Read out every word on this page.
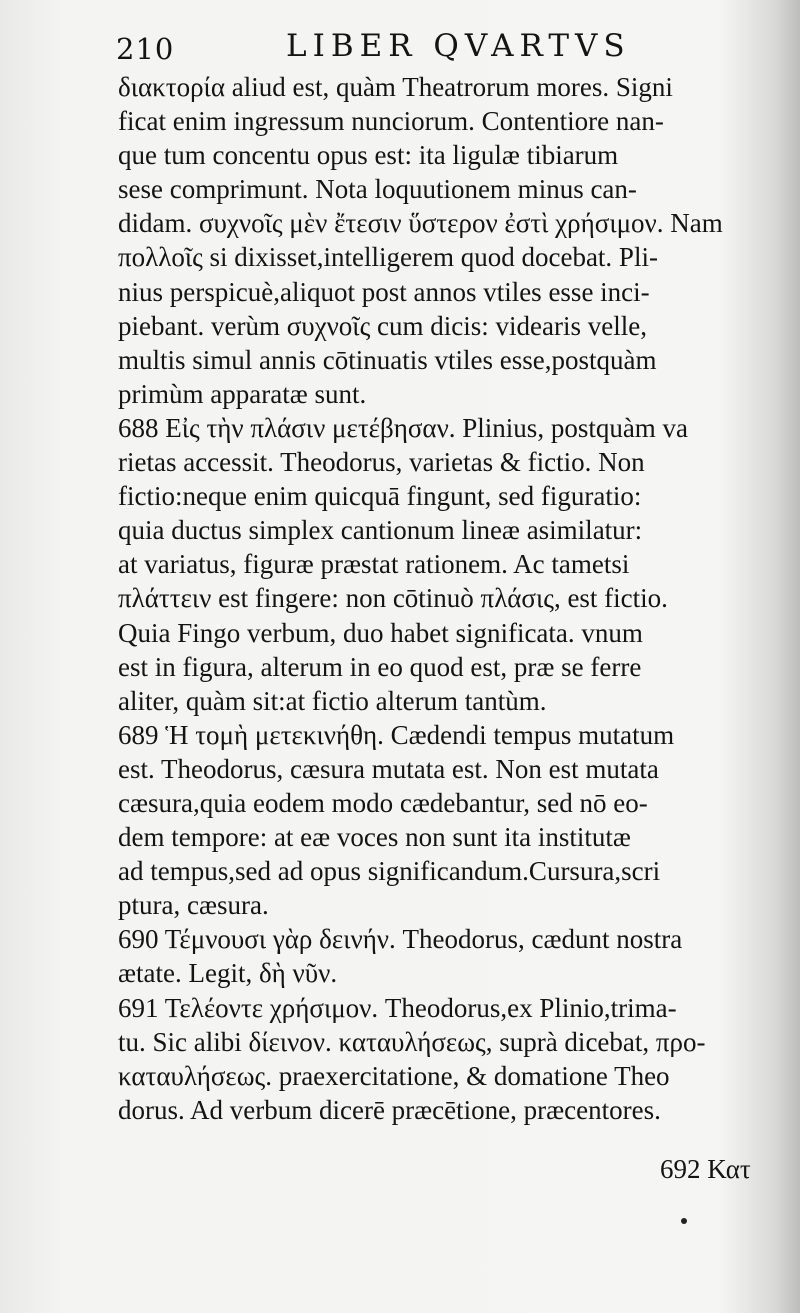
210	LIBER QVARTVS
διακτορία aliud est, quàm Theatrorum mores. Signi
ficat enim ingressum nunciorum. Contentiore nan-
que tum concentu opus est: ita ligulæ tibiarum
sese comprimunt. Nota loquutionem minus can-
didam. συχνοῖς μὲν ἔτεσιν ὕστερον ἐστὶ χρήσιμον. Nam
πολλοῖς si dixisset,intelligerem quod docebat. Pli-
nius perspicuè,aliquot post annos vtiles esse inci-
piebant. verùm συχνοῖς cum dicis: videaris velle,
multis simul annis cōtinuatis vtiles esse,postquàm
primùm apparatæ sunt.
688 Εἰς τὴν πλάσιν μετέβησαν. Plinius, postquàm va
rietas accessit. Theodorus, varietas & fictio. Non
fictio:neque enim quicquā fingunt, sed figuratio:
quia ductus simplex cantionum lineæ asimilatur:
at variatus, figuræ præstat rationem. Ac tametsi
πλάττειν est fingere: non cōtinuò πλάσις, est fictio.
Quia Fingo verbum, duo habet significata. vnum
est in figura, alterum in eo quod est, præ se ferre
aliter, quàm sit:at fictio alterum tantùm.
689 Ἡ τομὴ μετεκινήθη. Cædendi tempus mutatum
est. Theodorus, cæsura mutata est. Non est mutata
cæsura,quia eodem modo cædebantur, sed nō eo-
dem tempore: at eæ voces non sunt ita institutæ
ad tempus,sed ad opus significandum.Cursura,scri
ptura, cæsura.
690 Τέμνουσι γὰρ δεινήν. Theodorus, cædunt nostra
ætate. Legit, δὴ νῦν.
691 Τελέοντε χρήσιμον. Theodorus,ex Plinio,trima-
tu. Sic alibi δίεινον. καταυλήσεως, suprà dicebat, προ-
καταυλήσεως. praexercitatione, & domatione Theo
dorus. Ad verbum dicerē præcētione, præcentores.
692 Κατ
